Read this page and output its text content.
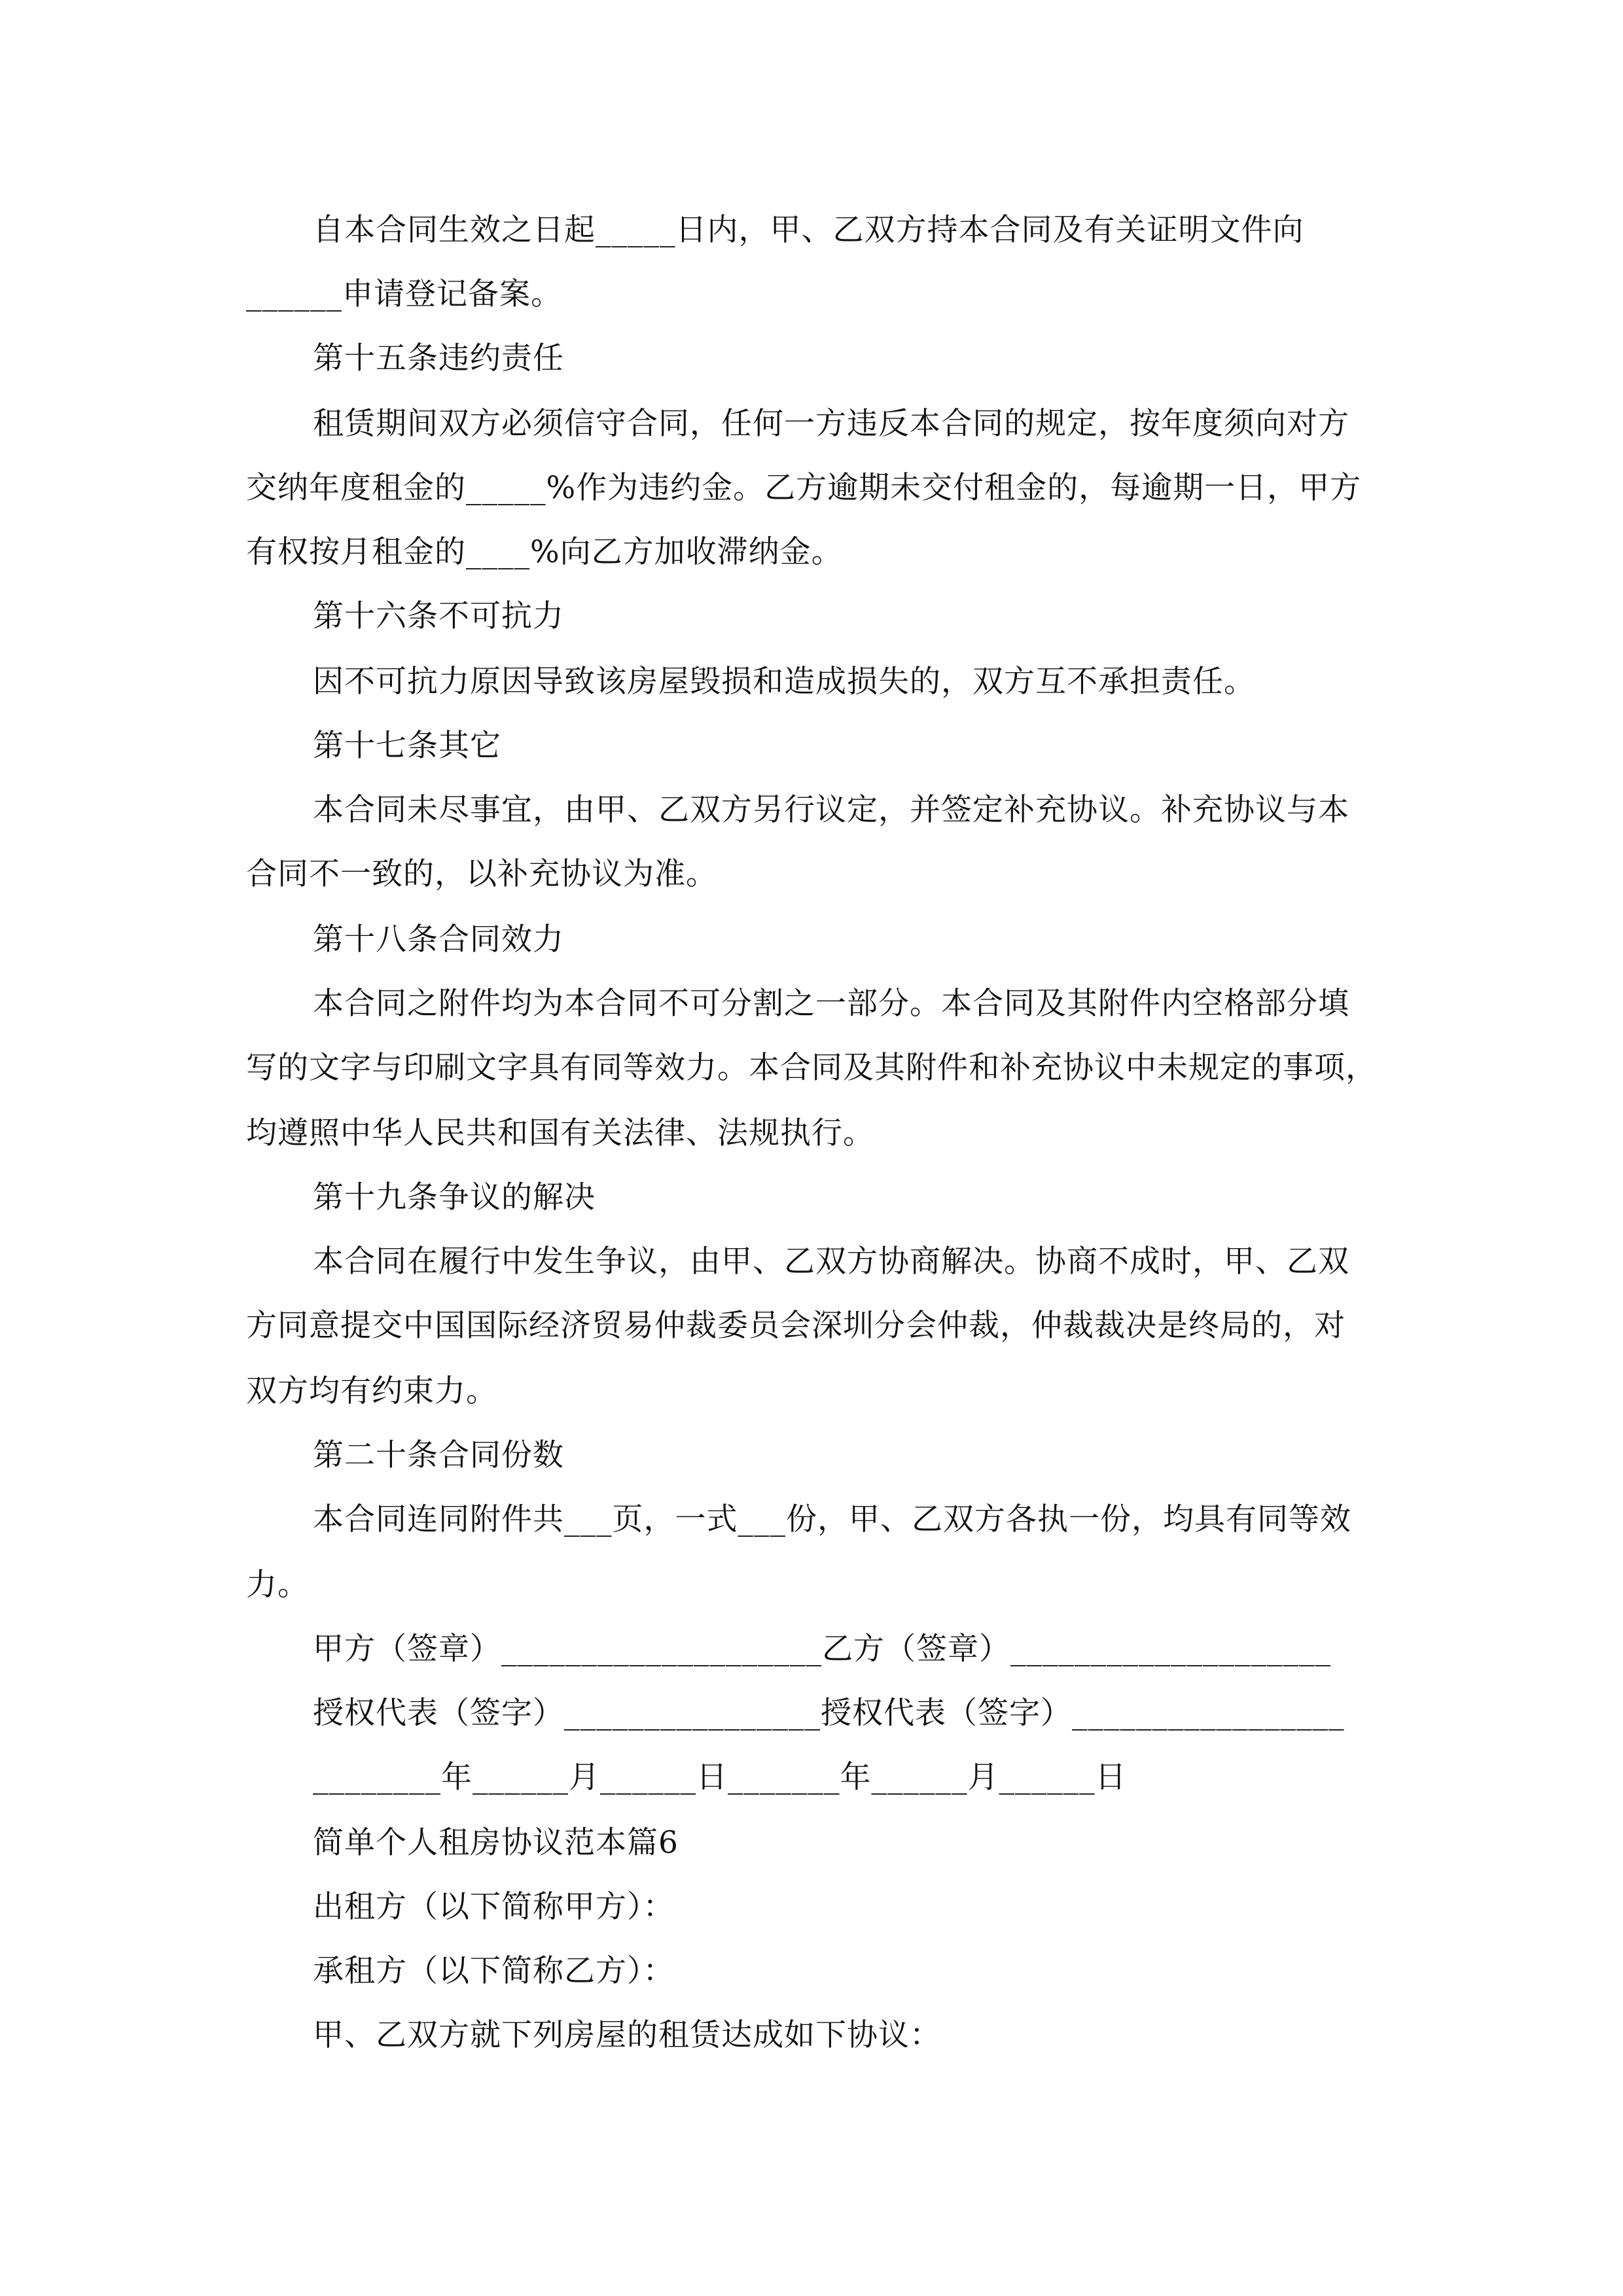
自本合同生效之日起_____日内，甲、乙双方持本合同及有关证明文件向
______申请登记备案。
第十五条违约责任
租赁期间双方必须信守合同，任何一方违反本合同的规定，按年度须向对方
交纳年度租金的_____%作为违约金。乙方逾期未交付租金的，每逾期一日，甲方
有权按月租金的____%向乙方加收滞纳金。
第十六条不可抗力
因不可抗力原因导致该房屋毁损和造成损失的，双方互不承担责任。
第十七条其它
本合同未尽事宜，由甲、乙双方另行议定，并签定补充协议。补充协议与本
合同不一致的，以补充协议为准。
第十八条合同效力
本合同之附件均为本合同不可分割之一部分。本合同及其附件内空格部分填
写的文字与印刷文字具有同等效力。本合同及其附件和补充协议中未规定的事项，
均遵照中华人民共和国有关法律、法规执行。
第十九条争议的解决
本合同在履行中发生争议，由甲、乙双方协商解决。协商不成时，甲、乙双
方同意提交中国国际经济贸易仲裁委员会深圳分会仲裁，仲裁裁决是终局的，对
双方均有约束力。
第二十条合同份数
本合同连同附件共___页，一式___份，甲、乙双方各执一份，均具有同等效
力。
甲方（签章）____________________乙方（签章）____________________
授权代表（签字）________________授权代表（签字）_________________
________年______月______日_______年______月______日
简单个人租房协议范本篇6
出租方（以下简称甲方）：
承租方（以下简称乙方）：
甲、乙双方就下列房屋的租赁达成如下协议：
